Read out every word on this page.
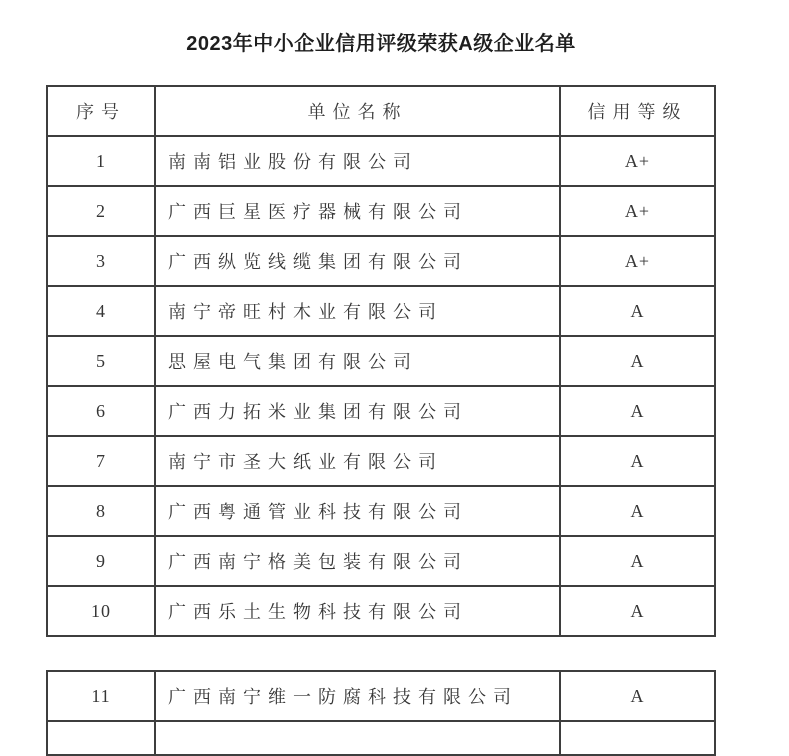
2023年中小企业信用评级荣获A级企业名单
序号	单位名称	信用等级
1	南南铝业股份有限公司	A+
2	广西巨星医疗器械有限公司	A+
3	广西纵览线缆集团有限公司	A+
4	南宁帝旺村木业有限公司	A
5	思屋电气集团有限公司	A
6	广西力拓米业集团有限公司	A
7	南宁市圣大纸业有限公司	A
8	广西粤通管业科技有限公司	A
9	广西南宁格美包装有限公司	A
10	广西乐土生物科技有限公司	A
11	广西南宁维一防腐科技有限公司	A
